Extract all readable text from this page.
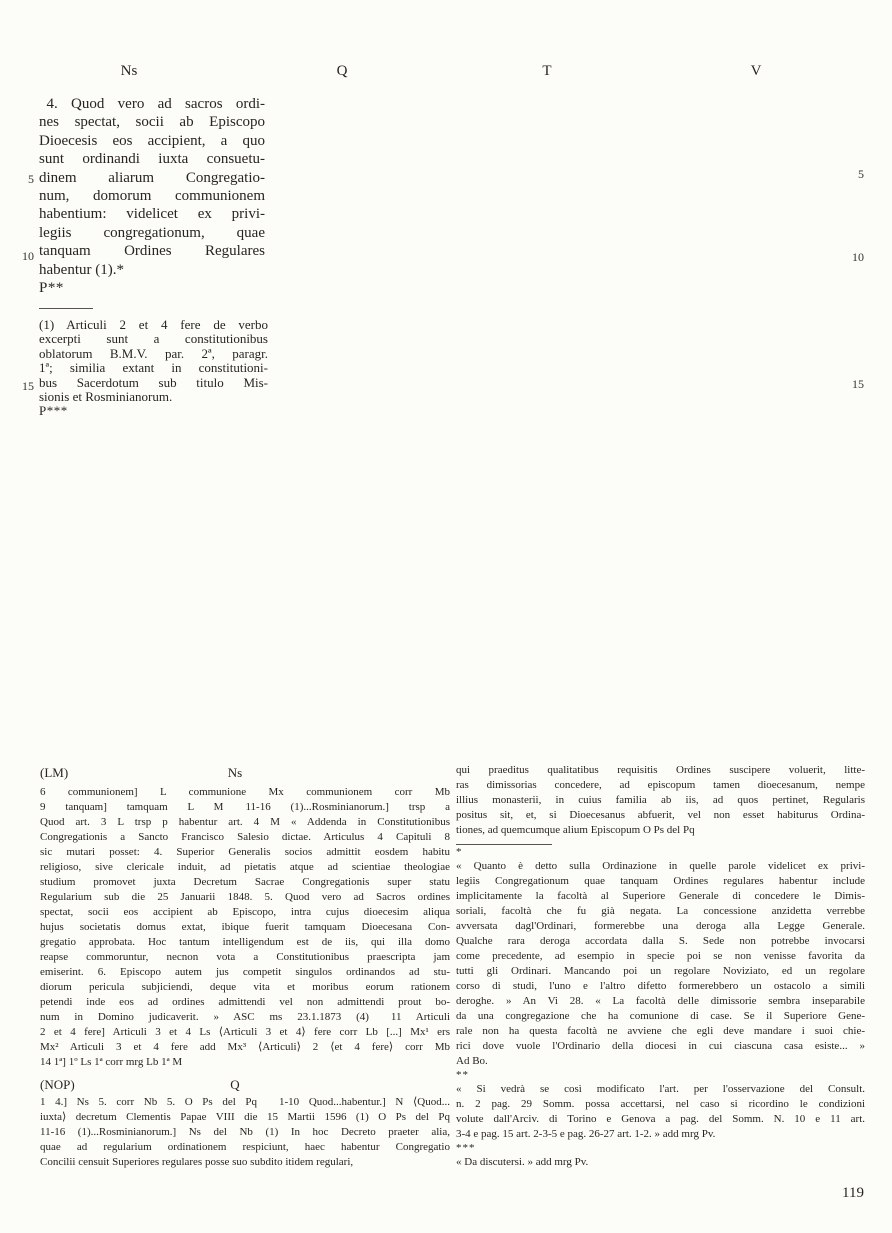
Ns	Q	T	V
5
10
15
5
10
15
 4. Quod vero ad sacros ordi-
nes spectat, socii ab Episcopo
Dioecesis eos accipient, a quo
sunt ordinandi iuxta consuetu-
dinem aliarum Congregatio-
num, domorum communionem
habentium: videlicet ex privi-
legiis congregationum, quae
tanquam Ordines Regulares
habentur (1).*
P**
(1) Articuli 2 et 4 fere de verbo
excerpti sunt a constitutionibus
oblatorum B.M.V. par. 2ª, paragr.
1ª; similia extant in constitutioni-
bus Sacerdotum sub titulo Mis-
sionis et Rosminianorum.
P***
(LM)	Ns
6 communionem] L communione Mx communionem corr Mb
9 tanquam] tamquam L M  11-16 (1)...Rosminianorum.] trsp a
Quod art. 3 L trsp p habentur art. 4 M « Addenda in Constitutionibus
Congregationis a Sancto Francisco Salesio dictae. Articulus 4 Capituli 8
sic mutari posset: 4. Superior Generalis socios admittit eosdem habitu
religioso, sive clericale induit, ad pietatis atque ad scientiae theologiae
studium promovet juxta Decretum Sacrae Congregationis super statu
Regularium sub die 25 Januarii 1848. 5. Quod vero ad Sacros ordines
spectat, socii eos accipient ab Episcopo, intra cujus dioecesim aliqua
hujus societatis domus extat, ibique fuerit tamquam Dioecesana Con-
gregatio approbata. Hoc tantum intelligendum est de iis, qui illa domo
reapse commoruntur, necnon vota a Constitutionibus praescripta jam
emiserint. 6. Episcopo autem jus competit singulos ordinandos ad stu-
diorum pericula subjiciendi, deque vita et moribus eorum rationem
petendi inde eos ad ordines admittendi vel non admittendi prout bo-
num in Domino judicaverit. » ASC ms 23.1.1873 (4)  11 Articuli
2 et 4 fere] Articuli 3 et 4 Ls ⟨Articuli 3 et 4⟩ fere corr Lb [...] Mx¹ ers
Mx² Articuli 3 et 4 fere add Mx³ ⟨Articuli⟩ 2 ⟨et 4 fere⟩ corr Mb
14 1ª] 1º Ls 1ª corr mrg Lb 1ª M
(NOP)	Q
1 4.] Ns 5. corr Nb 5. O Ps del Pq  1-10 Quod...habentur.] N ⟨Quod...
iuxta⟩ decretum Clementis Papae VIII die 15 Martii 1596 (1) O Ps del Pq
11-16 (1)...Rosminianorum.] Ns del Nb (1) In hoc Decreto praeter alia,
quae ad regularium ordinationem respiciunt, haec habentur Congregatio
Concilii censuit Superiores regulares posse suo subdito itidem regulari,
qui praeditus qualitatibus requisitis Ordines suscipere voluerit, litte-
ras dimissorias concedere, ad episcopum tamen dioecesanum, nempe
illius monasterii, in cuius familia ab iis, ad quos pertinet, Regularis
positus sit, et, si Dioecesanus abfuerit, vel non esset habiturus Ordina-
tiones, ad quemcumque alium Episcopum O Ps del Pq
*
« Quanto è detto sulla Ordinazione in quelle parole videlicet ex privi-
legiis Congregationum quae tanquam Ordines regulares habentur include
implicitamente la facoltà al Superiore Generale di concedere le Dimis-
soriali, facoltà che fu già negata. La concessione anzidetta verrebbe
avversata dagl'Ordinari, formerebbe una deroga alla Legge Generale.
Qualche rara deroga accordata dalla S. Sede non potrebbe invocarsi
come precedente, ad esempio in specie poi se non venisse favorita da
tutti gli Ordinari. Mancando poi un regolare Noviziato, ed un regolare
corso di studi, l'uno e l'altro difetto formerebbero un ostacolo a simili
deroghe. » An Vi 28. « La facoltà delle dimissorie sembra inseparabile
da una congregazione che ha comunione di case. Se il Superiore Gene-
rale non ha questa facoltà ne avviene che egli deve mandare i suoi chie-
rici dove vuole l'Ordinario della diocesi in cui ciascuna casa esiste... »
Ad Bo.
**
« Si vedrà se così modificato l'art. per l'osservazione del Consult.
n. 2 pag. 29 Somm. possa accettarsi, nel caso si ricordino le condizioni
volute dall'Arciv. di Torino e Genova a pag. del Somm. N. 10 e 11 art.
3-4 e pag. 15 art. 2-3-5 e pag. 26-27 art. 1-2. » add mrg Pv.
***
« Da discutersi. » add mrg Pv.
119
